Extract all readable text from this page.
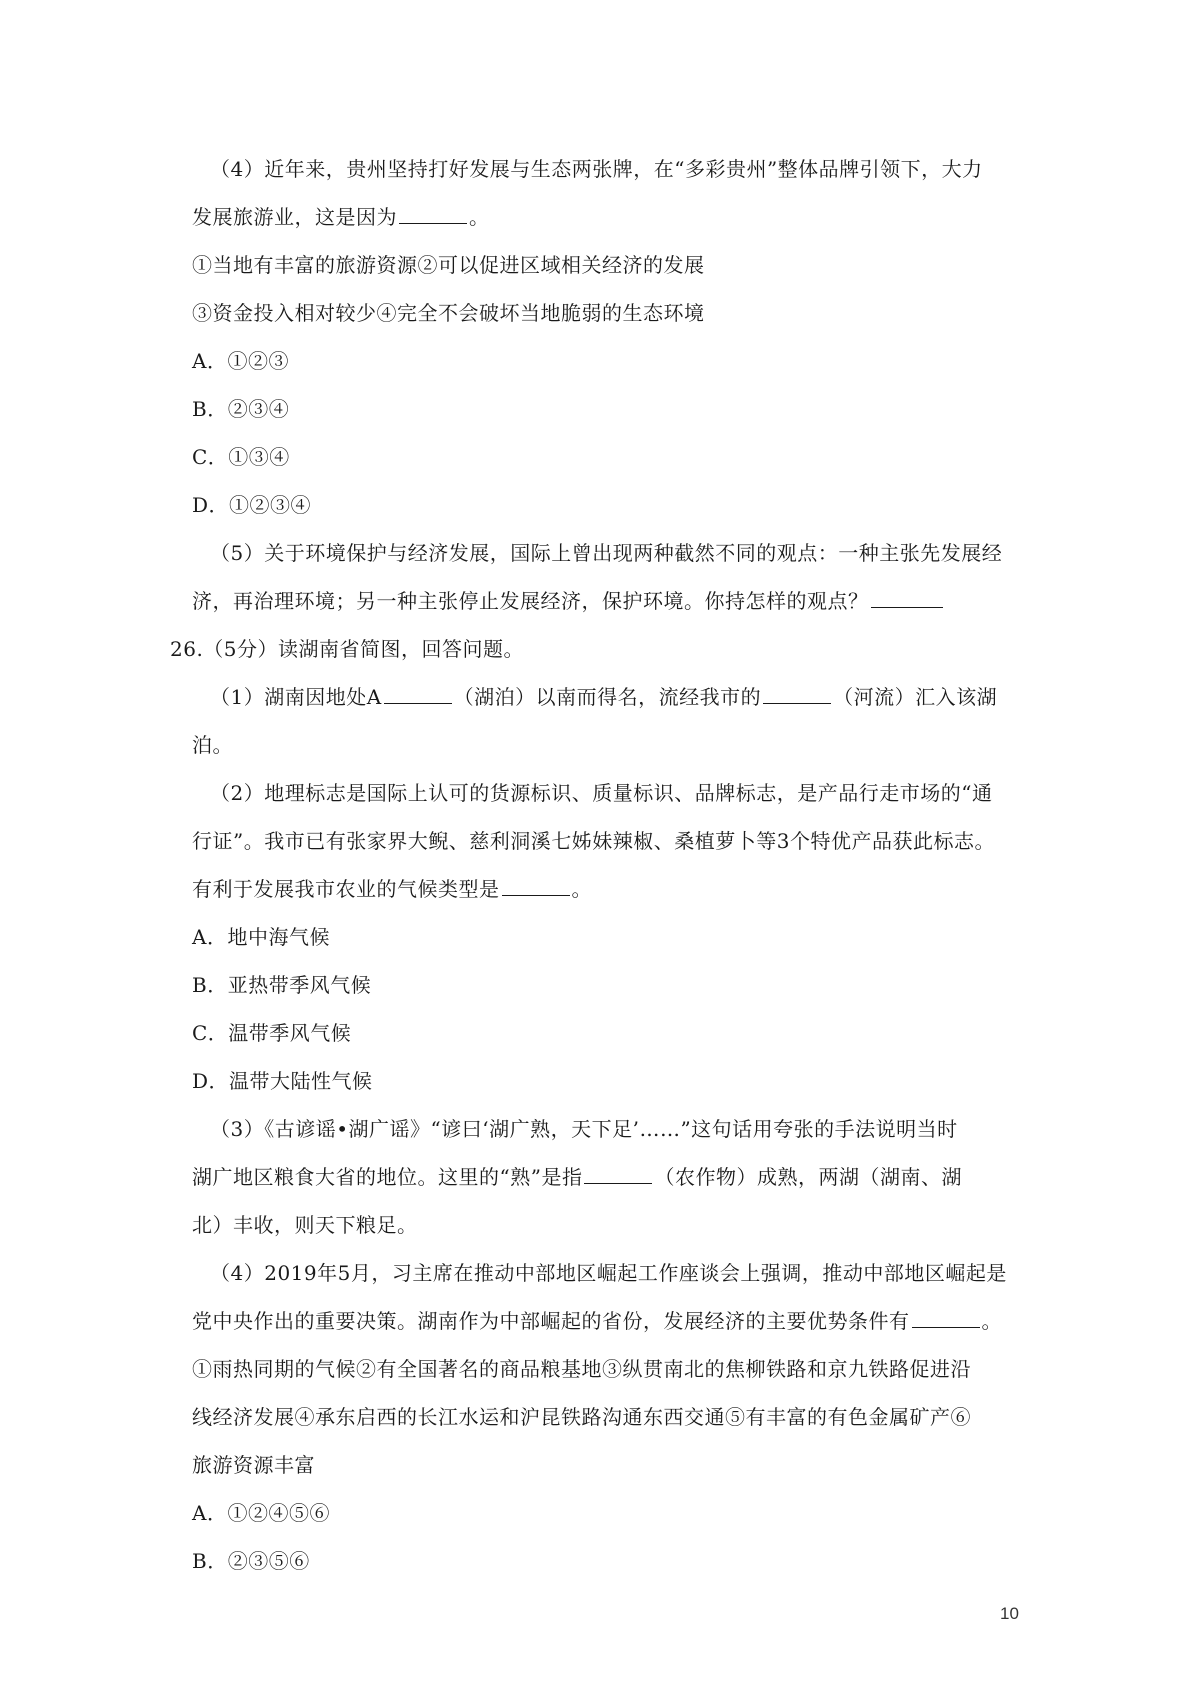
（4）近年来，贵州坚持打好发展与生态两张牌，在“多彩贵州”整体品牌引领下，大力
发展旅游业，这是因为	。
①当地有丰富的旅游资源②可以促进区域相关经济的发展
③资金投入相对较少④完全不会破坏当地脆弱的生态环境
A．①②③
B．②③④
C．①③④
D．①②③④
（5）关于环境保护与经济发展，国际上曾出现两种截然不同的观点：一种主张先发展经
济，再治理环境；另一种主张停止发展经济，保护环境。你持怎样的观点？
26.（5分）读湖南省简图，回答问题。
（1）湖南因地处A	（湖泊）以南而得名，流经我市的	（河流）汇入该湖
泊。
（2）地理标志是国际上认可的货源标识、质量标识、品牌标志，是产品行走市场的“通
行证”。我市已有张家界大鲵、慈利洞溪七姊妹辣椒、桑植萝卜等3个特优产品获此标志。
有利于发展我市农业的气候类型是	。
A．地中海气候
B．亚热带季风气候
C．温带季风气候
D．温带大陆性气候
（3）《古谚谣•湖广谣》“谚曰‘湖广熟，天下足’……”这句话用夸张的手法说明当时
湖广地区粮食大省的地位。这里的“熟”是指	（农作物）成熟，两湖（湖南、湖
北）丰收，则天下粮足。
（4）2019年5月，习主席在推动中部地区崛起工作座谈会上强调，推动中部地区崛起是
党中央作出的重要决策。湖南作为中部崛起的省份，发展经济的主要优势条件有	。
①雨热同期的气候②有全国著名的商品粮基地③纵贯南北的焦柳铁路和京九铁路促进沿
线经济发展④承东启西的长江水运和沪昆铁路沟通东西交通⑤有丰富的有色金属矿产⑥
旅游资源丰富
A．①②④⑤⑥
B．②③⑤⑥
10
